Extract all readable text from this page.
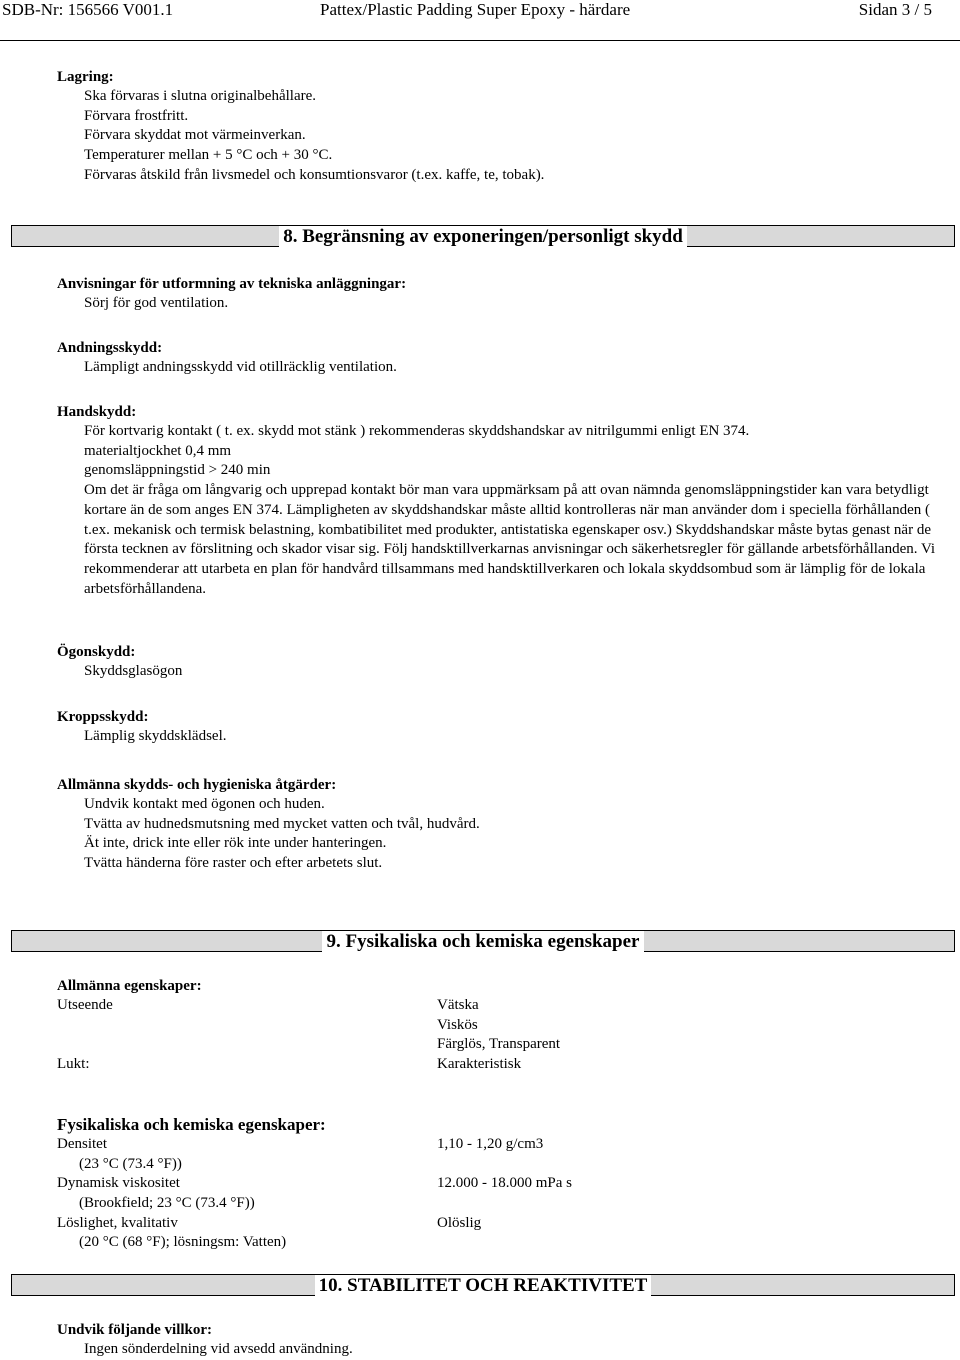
SDB-Nr: 156566 V001.1	Pattex/Plastic Padding Super Epoxy - härdare	Sidan 3 / 5
Lagring:
Ska förvaras i slutna originalbehållare.
Förvara frostfritt.
Förvara skyddat mot värmeinverkan.
Temperaturer mellan + 5 °C och + 30 °C.
Förvaras åtskild från livsmedel och konsumtionsvaror (t.ex. kaffe, te, tobak).
8. Begränsning av exponeringen/personligt skydd
Anvisningar för utformning av tekniska anläggningar:
Sörj för god ventilation.
Andningsskydd:
Lämpligt andningsskydd vid otillräcklig ventilation.
Handskydd:
För kortvarig kontakt ( t. ex. skydd mot stänk ) rekommenderas skyddshandskar av nitrilgummi enligt EN 374.
materialtjockhet 0,4 mm
genomsläppningstid > 240 min

Om det är fråga om långvarig och upprepad kontakt bör man vara uppmärksam på att ovan nämnda genomsläppningstider kan vara betydligt kortare än de som anges EN 374. Lämpligheten av skyddshandskar måste alltid kontrolleras när man använder dom i speciella förhållanden ( t.ex. mekanisk och termisk belastning, kombatibilitet med produkter, antistatiska egenskaper osv.) Skyddshandskar måste bytas genast när de första tecknen av förslitning och skador visar sig. Följ handsktillverkarnas anvisningar och säkerhetsregler för gällande arbetsförhållanden. Vi rekommenderar att utarbeta en plan för handvård tillsammans med handsktillverkaren och lokala skyddsombud som är lämplig för de lokala arbetsförhållandena.

Ögonskydd:
Skyddsglasögon
Kroppsskydd:
Lämplig skyddsklädsel.
Allmänna skydds- och hygieniska åtgärder:
Undvik kontakt med ögonen och huden.
Tvätta av hudnedsmutsning med mycket vatten och tvål, hudvård.
Ät inte, drick inte eller rök inte under hanteringen.
Tvätta händerna före raster och efter arbetets slut.
9. Fysikaliska och kemiska egenskaper
Allmänna egenskaper:
Utseende	Vätska
Viskös
Färglös, Transparent
Lukt:	Karakteristisk
Fysikaliska och kemiska egenskaper:
Densitet	1,10 - 1,20 g/cm3
(23 °C (73.4 °F))
Dynamisk viskositet	12.000 - 18.000 mPa s
(Brookfield; 23 °C (73.4 °F))
Löslighet, kvalitativ	Olöslig
(20 °C (68 °F); lösningsm: Vatten)
10. STABILITET OCH REAKTIVITET
Undvik följande villkor:
Ingen sönderdelning vid avsedd användning.
